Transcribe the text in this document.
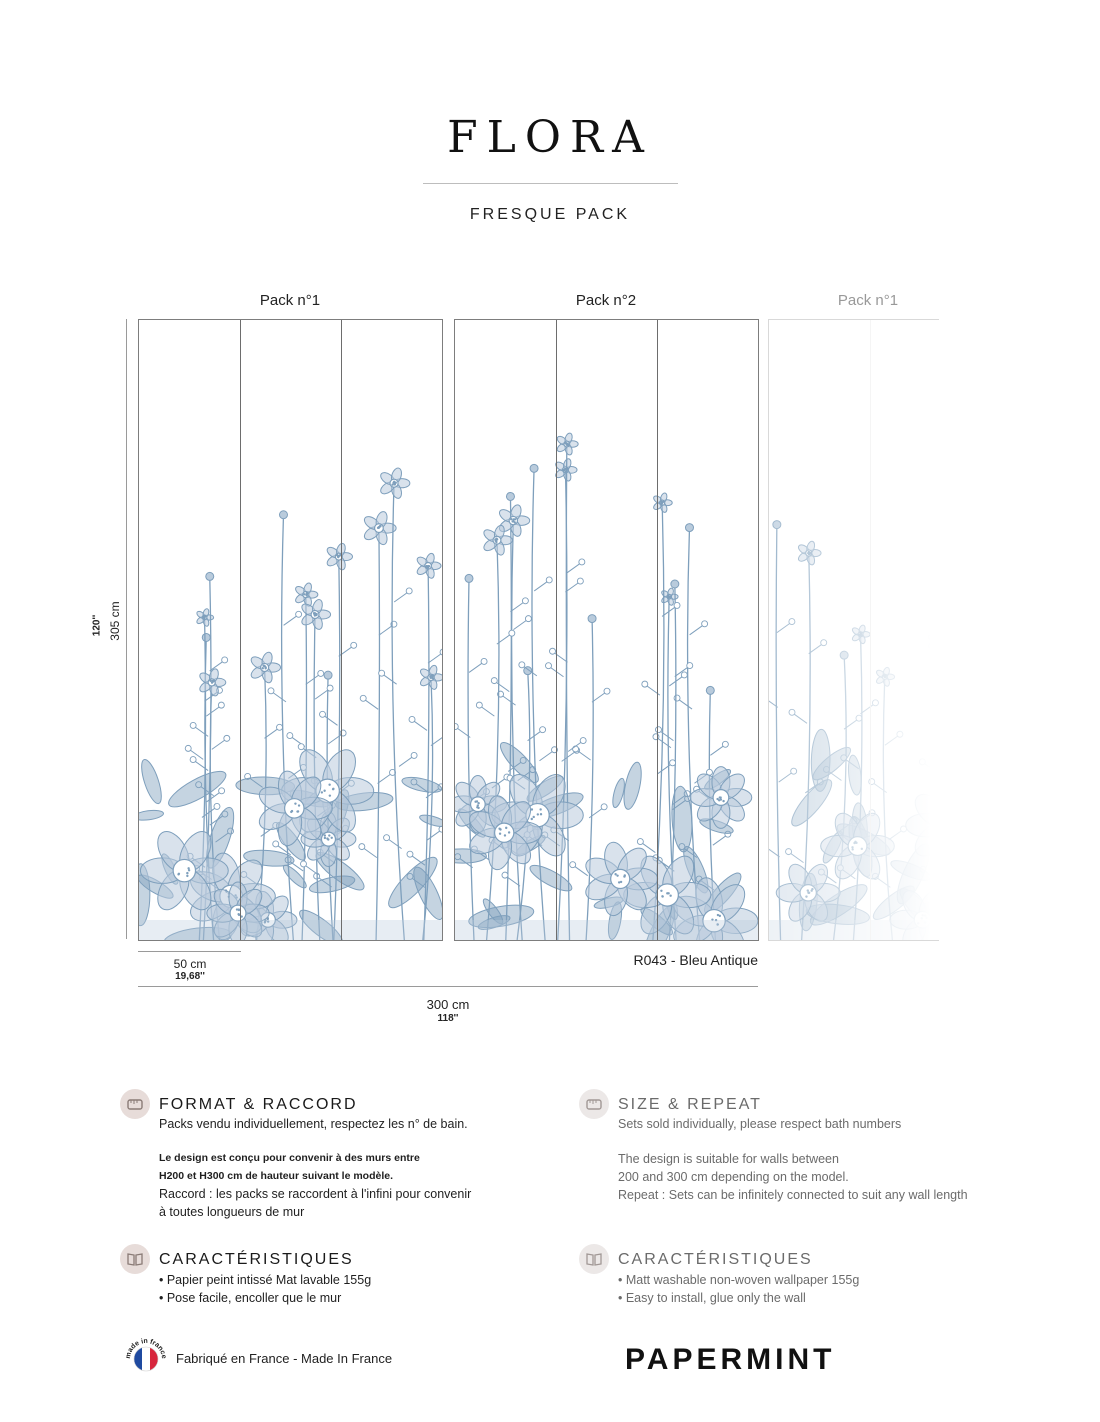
FLORA
FRESQUE PACK
Pack n°1	Pack n°2	Pack n°1
305 cm
120''
50 cm
19,68''
R043 - Bleu Antique
300 cm
118''
FORMAT & RACCORD
Packs vendu individuellement, respectez les n° de bain.
Le design est conçu pour convenir à des murs entre
H200 et H300 cm de hauteur suivant le modèle.
Raccord : les packs se raccordent à l'infini pour convenir
à toutes longueurs de mur
SIZE & REPEAT
Sets sold individually, please respect bath numbers
The design is suitable for walls between
200 and 300 cm depending on the model.
Repeat : Sets can be infinitely connected to suit any wall length
CARACTÉRISTIQUES
• Papier peint intissé Mat lavable 155g
• Pose facile, encoller que le mur
CARACTÉRISTIQUES
• Matt washable non-woven wallpaper 155g
• Easy to install, glue only the wall
made in france Fabriqué en France - Made In France	PAPERMINT
